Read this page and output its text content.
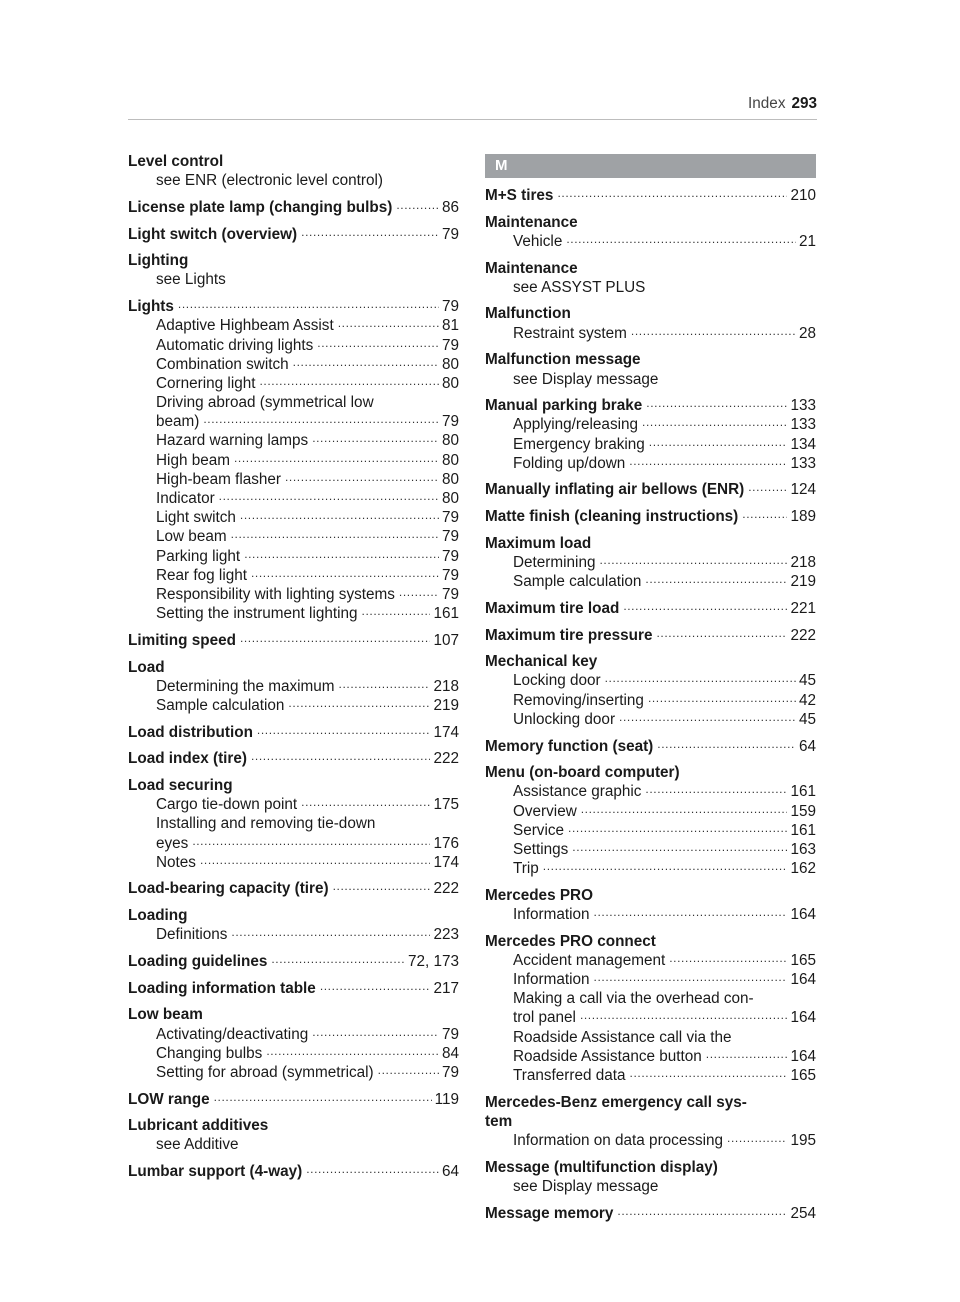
Index 293
Level control
see ENR (electronic level control)
License plate lamp (changing bulbs) .....	86
Light switch (overview) .....	79
Lighting
see Lights
Lights .....	79
Adaptive Highbeam Assist .....	81
Automatic driving lights .....	79
Combination switch .....	80
Cornering light .....	80
Driving abroad (symmetrical low
beam) .....	79
Hazard warning lamps .....	80
High beam .....	80
High-beam flasher .....	80
Indicator .....	80
Light switch .....	79
Low beam .....	79
Parking light .....	79
Rear fog light .....	79
Responsibility with lighting systems .....	79
Setting the instrument lighting .....	161
Limiting speed .....	107
Load
Determining the maximum .....	218
Sample calculation .....	219
Load distribution .....	174
Load index (tire) .....	222
Load securing
Cargo tie-down point .....	175
Installing and removing tie-down
eyes .....	176
Notes .....	174
Load-bearing capacity (tire) .....	222
Loading
Definitions .....	223
Loading guidelines .....	72, 173
Loading information table .....	217
Low beam
Activating/deactivating .....	79
Changing bulbs .....	84
Setting for abroad (symmetrical) .....	79
LOW range .....	119
Lubricant additives
see Additive
Lumbar support (4-way) .....	64
M
M+S tires .....	210
Maintenance
Vehicle .....	21
Maintenance
see ASSYST PLUS
Malfunction
Restraint system .....	28
Malfunction message
see Display message
Manual parking brake .....	133
Applying/releasing .....	133
Emergency braking .....	134
Folding up/down .....	133
Manually inflating air bellows (ENR) .....	124
Matte finish (cleaning instructions) .....	189
Maximum load
Determining .....	218
Sample calculation .....	219
Maximum tire load .....	221
Maximum tire pressure .....	222
Mechanical key
Locking door .....	45
Removing/inserting .....	42
Unlocking door .....	45
Memory function (seat) .....	64
Menu (on-board computer)
Assistance graphic .....	161
Overview .....	159
Service .....	161
Settings .....	163
Trip .....	162
Mercedes PRO
Information .....	164
Mercedes PRO connect
Accident management .....	165
Information .....	164
Making a call via the overhead con-
trol panel .....	164
Roadside Assistance call via the
Roadside Assistance button .....	164
Transferred data .....	165
Mercedes-Benz emergency call sys-
tem
Information on data processing .....	195
Message (multifunction display)
see Display message
Message memory .....	254
